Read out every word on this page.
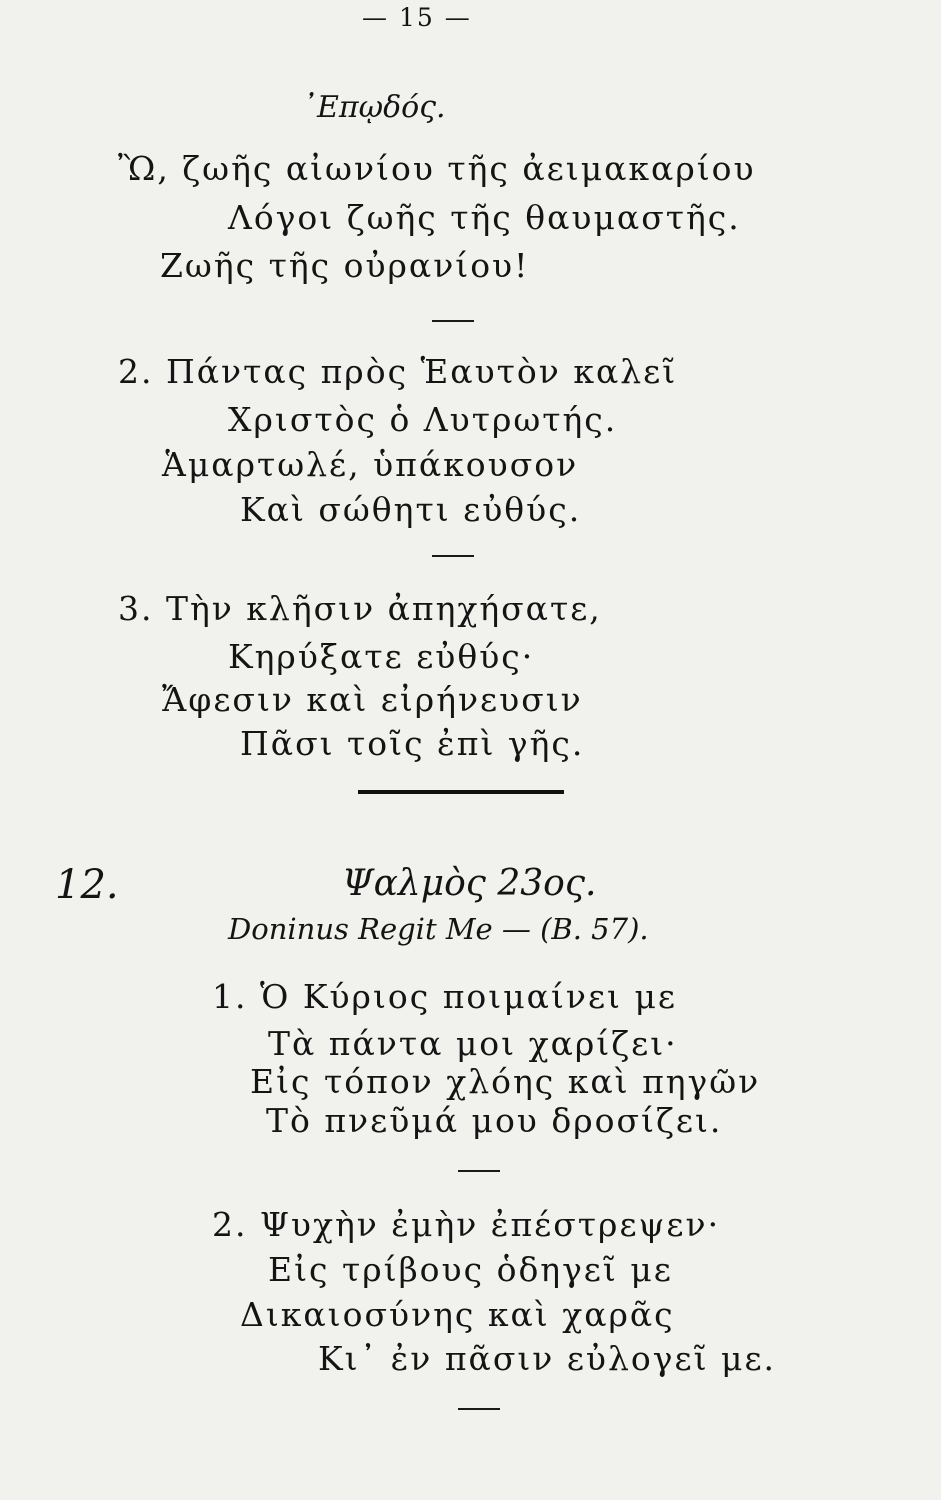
— 15 —
᾿Επῳδός.
Ὢ, ζωῆς αἰωνίου τῆς ἀειμακαρίου
Λόγοι ζωῆς τῆς θαυμαστῆς.
Ζωῆς τῆς οὐρανίου!
2. Πάντας πρὸς Ἑαυτὸν καλεῖ
Χριστὸς ὁ Λυτρωτής.
Ἁμαρτωλέ, ὑπάκουσον
Καὶ σώθητι εὐθύς.
3. Τὴν κλῆσιν ἀπηχήσατε,
Κηρύξατε εὐθύς·
Ἄφεσιν καὶ εἰρήνευσιν
Πᾶσι τοῖς ἐπὶ γῆς.
12.	Ψαλμὸς 23ος.
Doninus Regit Me — (B. 57).
1. Ὁ Κύριος ποιμαίνει με
Τὰ πάντα μοι χαρίζει·
Εἰς τόπον χλόης καὶ πηγῶν
Τὸ πνεῦμά μου δροσίζει.
2. Ψυχὴν ἐμὴν ἐπέστρεψεν·
Εἰς τρίβους ὁδηγεῖ με
Δικαιοσύνης καὶ χαρᾶς
Κι᾿ ἐν πᾶσιν εὐλογεῖ με.
